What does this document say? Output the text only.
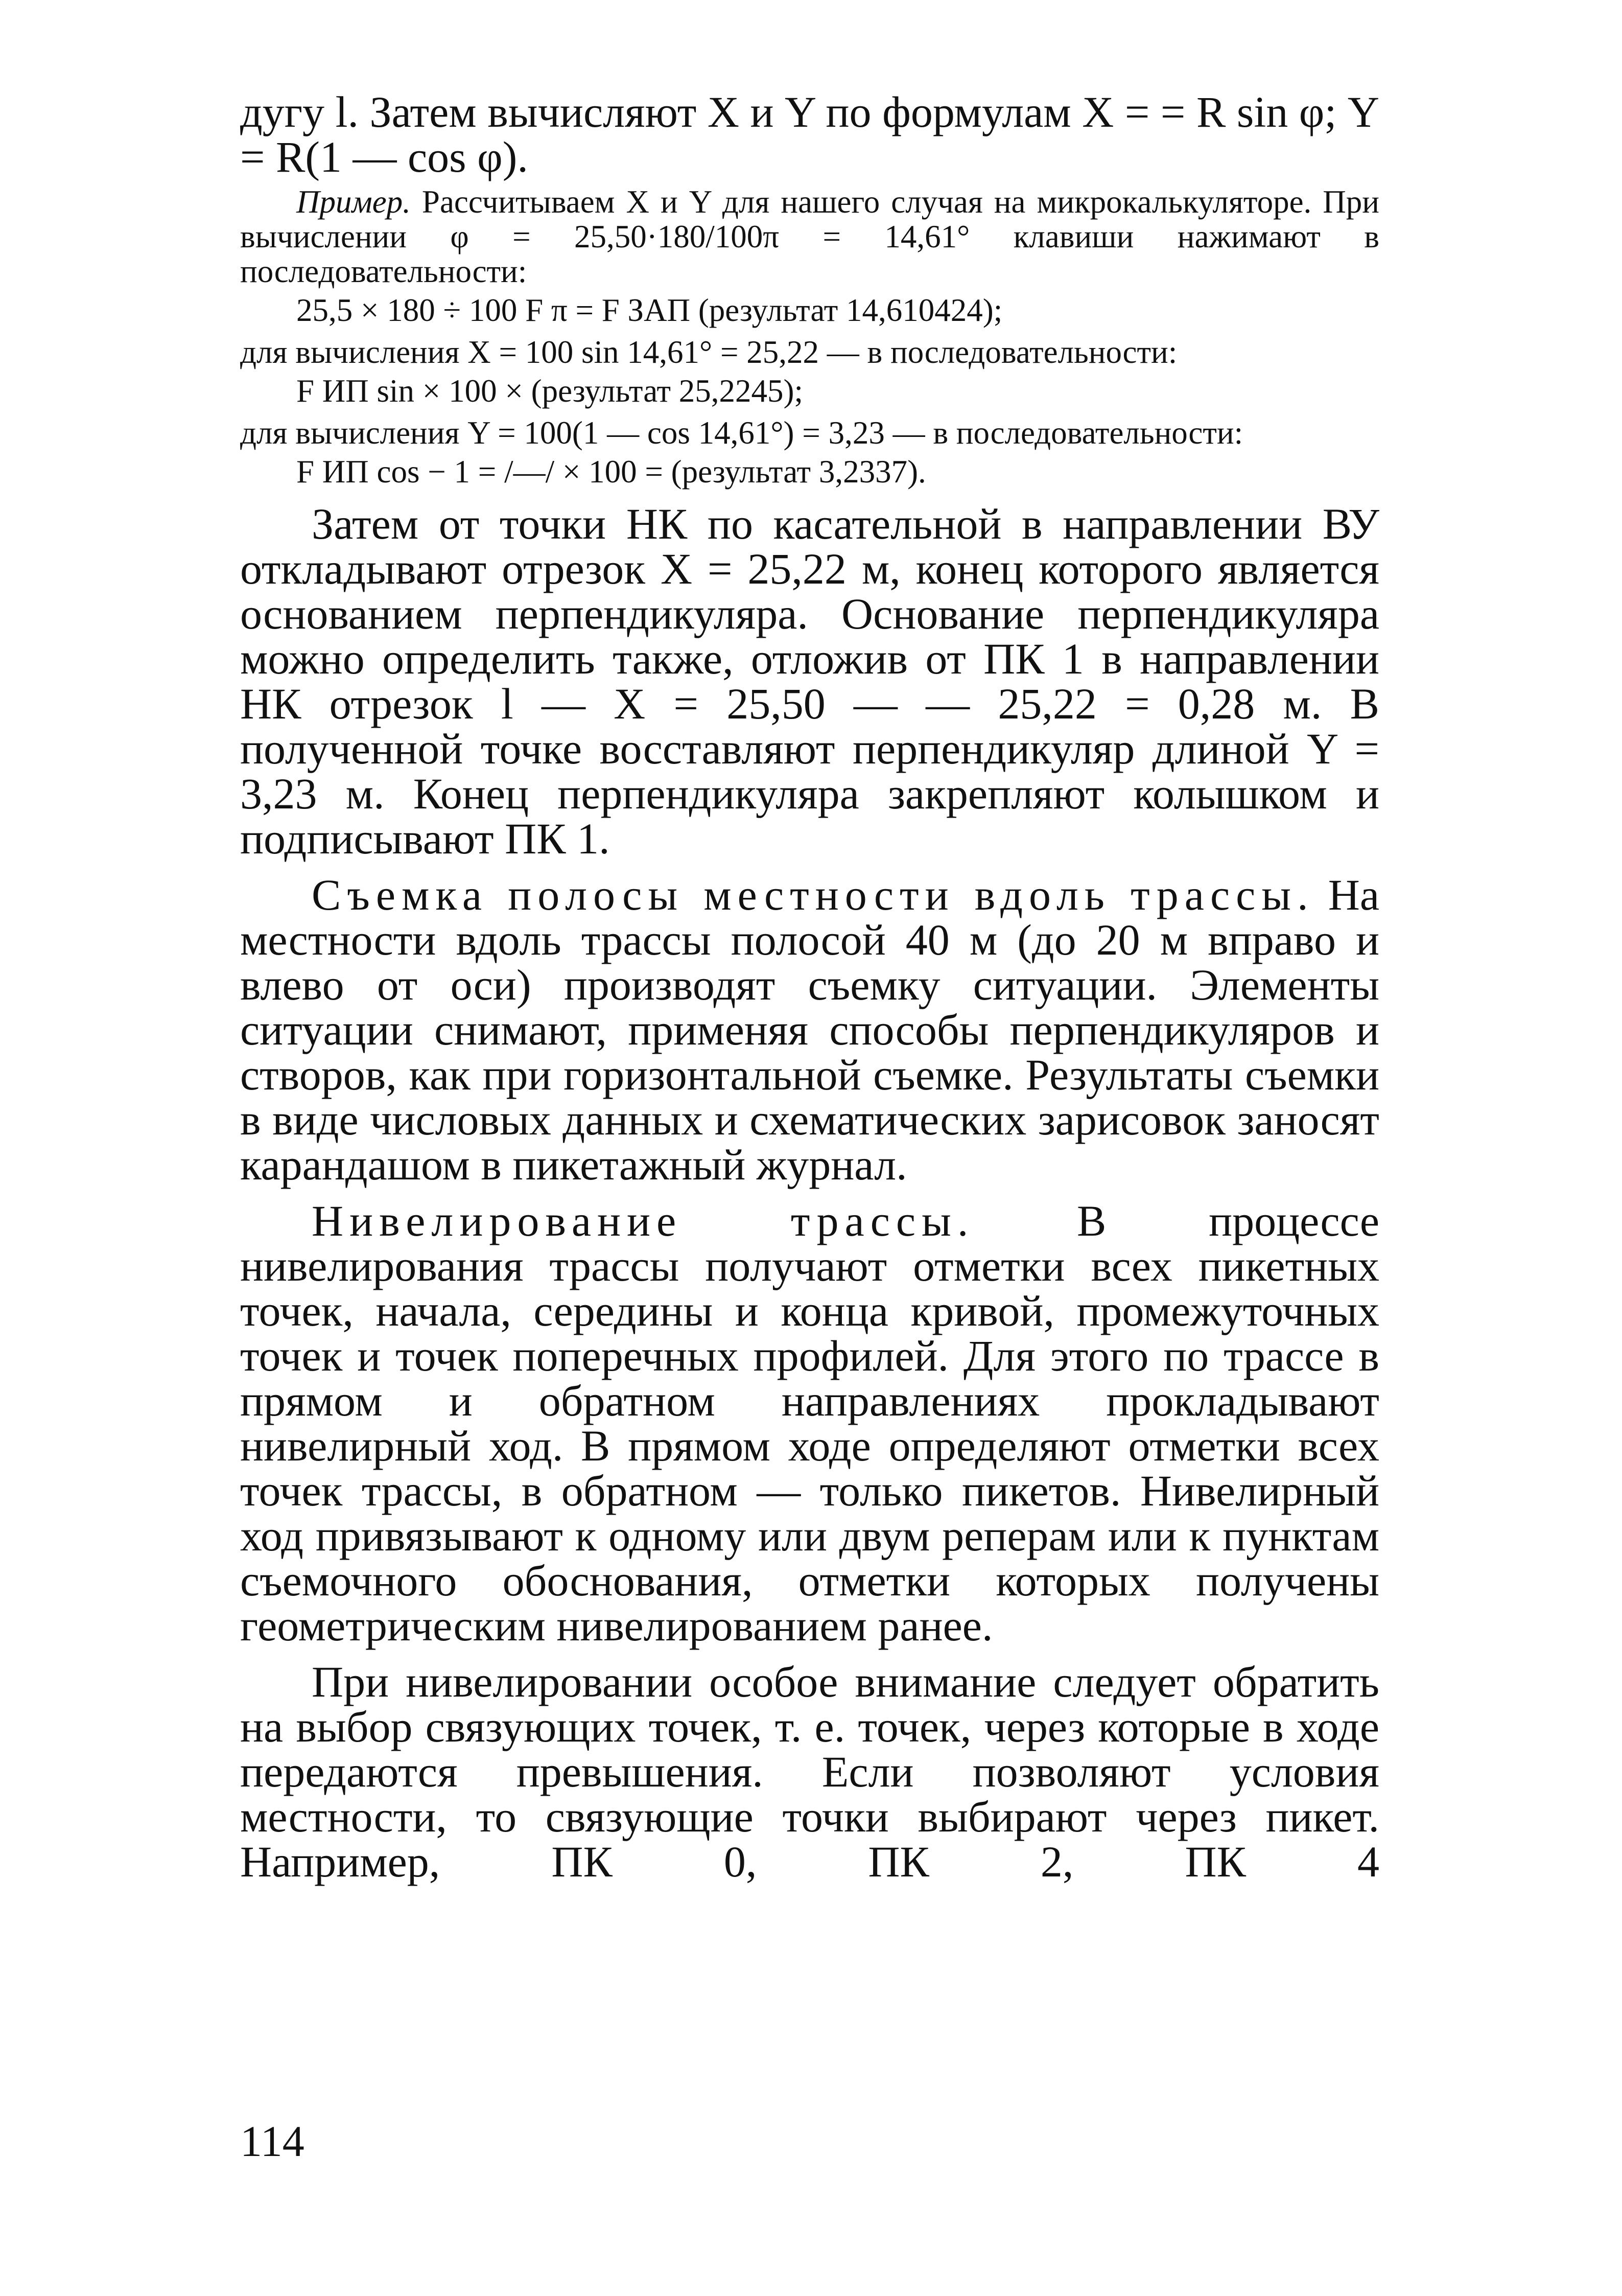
дугу l. Затем вычисляют X и Y по формулам X = = R sin φ; Y = R(1 — cos φ).

Пример. Рассчитываем X и Y для нашего случая на микрокалькуляторе. При вычислении φ = 25,50·180/100π = 14,61° клавиши нажимают в последовательности:

25,5 × 180 ÷ 100 F π = F ЗАП (результат 14,610424);

для вычисления X = 100 sin 14,61° = 25,22 — в последовательности:

F ИП sin × 100 × (результат 25,2245);

для вычисления Y = 100(1 — cos 14,61°) = 3,23 — в последовательности:

F ИП cos − 1 = /—/ × 100 = (результат 3,2337).

Затем от точки НК по касательной в направлении ВУ откладывают отрезок X = 25,22 м, конец которого является основанием перпендикуляра. Основание перпендикуляра можно определить также, отложив от ПК 1 в направлении НК отрезок l — X = 25,50 — — 25,22 = 0,28 м. В полученной точке восставляют перпендикуляр длиной Y = 3,23 м. Конец перпендикуляра закрепляют колышком и подписывают ПК 1.

Съемка полосы местности вдоль трассы. На местности вдоль трассы полосой 40 м (до 20 м вправо и влево от оси) производят съемку ситуации. Элементы ситуации снимают, применяя способы перпендикуляров и створов, как при горизонтальной съемке. Результаты съемки в виде числовых данных и схематических зарисовок заносят карандашом в пикетажный журнал.

Нивелирование трассы. В процессе нивелирования трассы получают отметки всех пикетных точек, начала, середины и конца кривой, промежуточных точек и точек поперечных профилей. Для этого по трассе в прямом и обратном направлениях прокладывают нивелирный ход. В прямом ходе определяют отметки всех точек трассы, в обратном — только пикетов. Нивелирный ход привязывают к одному или двум реперам или к пунктам съемочного обоснования, отметки которых получены геометрическим нивелированием ранее.

При нивелировании особое внимание следует обратить на выбор связующих точек, т. е. точек, через которые в ходе передаются превышения. Если позволяют условия местности, то связующие точки выбирают через пикет. Например, ПК 0, ПК 2, ПК 4

114
